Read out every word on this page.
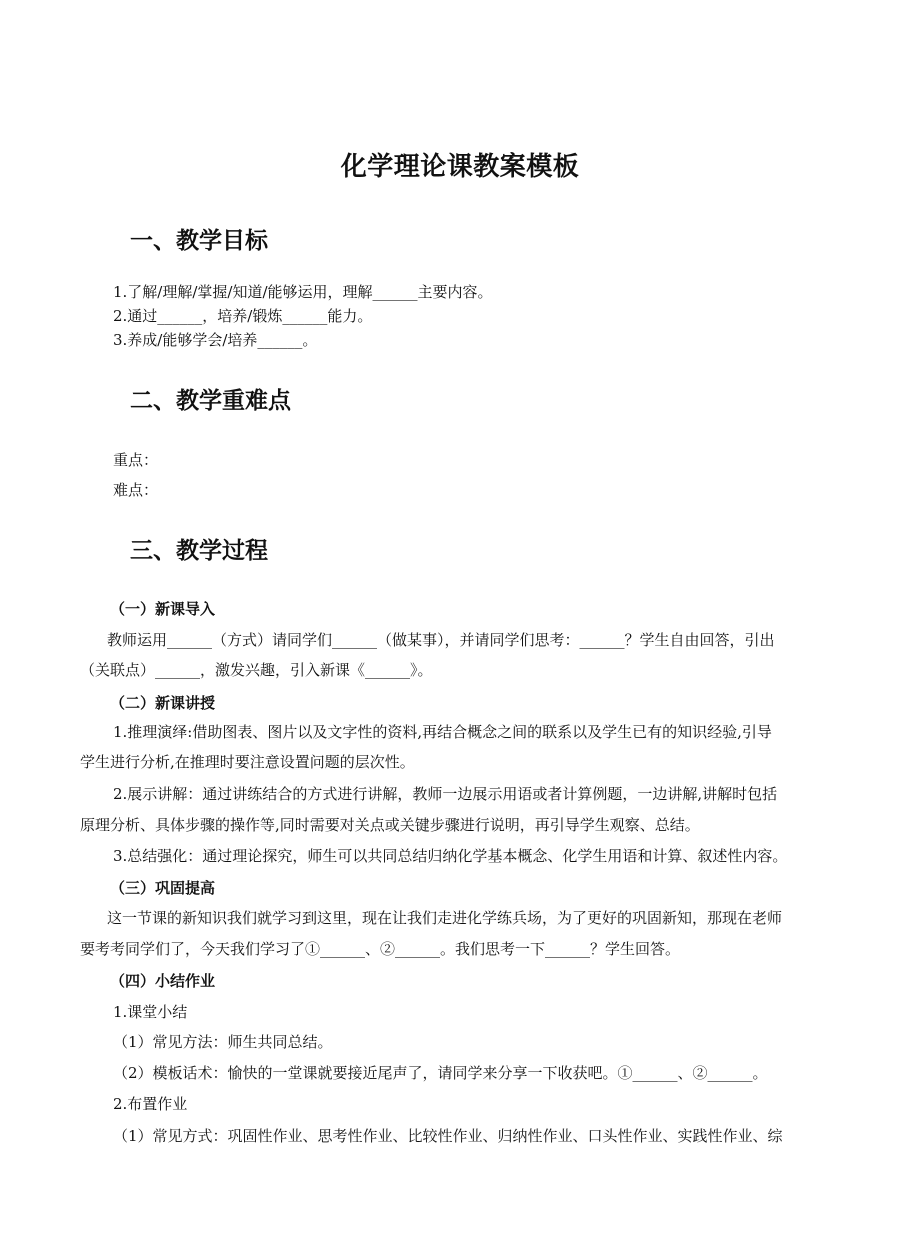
化学理论课教案模板
一、教学目标
1.了解/理解/掌握/知道/能够运用，理解______主要内容。
2.通过______，培养/锻炼______能力。
3.养成/能够学会/培养______。
二、教学重难点
重点：
难点：
三、教学过程
（一）新课导入
教师运用______（方式）请同学们______（做某事），并请同学们思考：______？学生自由回答，引出
（关联点）______，激发兴趣，引入新课《______》。
（二）新课讲授
1.推理演绎:借助图表、图片以及文字性的资料,再结合概念之间的联系以及学生已有的知识经验,引导
学生进行分析,在推理时要注意设置问题的层次性。
2.展示讲解：通过讲练结合的方式进行讲解，教师一边展示用语或者计算例题，一边讲解,讲解时包括
原理分析、具体步骤的操作等,同时需要对关点或关键步骤进行说明，再引导学生观察、总结。
3.总结强化：通过理论探究，师生可以共同总结归纳化学基本概念、化学生用语和计算、叙述性内容。
（三）巩固提高
这一节课的新知识我们就学习到这里，现在让我们走进化学练兵场，为了更好的巩固新知，那现在老师
要考考同学们了，今天我们学习了①______、②______。我们思考一下______？学生回答。
（四）小结作业
1.课堂小结
（1）常见方法：师生共同总结。
（2）模板话术：愉快的一堂课就要接近尾声了，请同学来分享一下收获吧。①______、②______。
2.布置作业
（1）常见方式：巩固性作业、思考性作业、比较性作业、归纳性作业、口头性作业、实践性作业、综
